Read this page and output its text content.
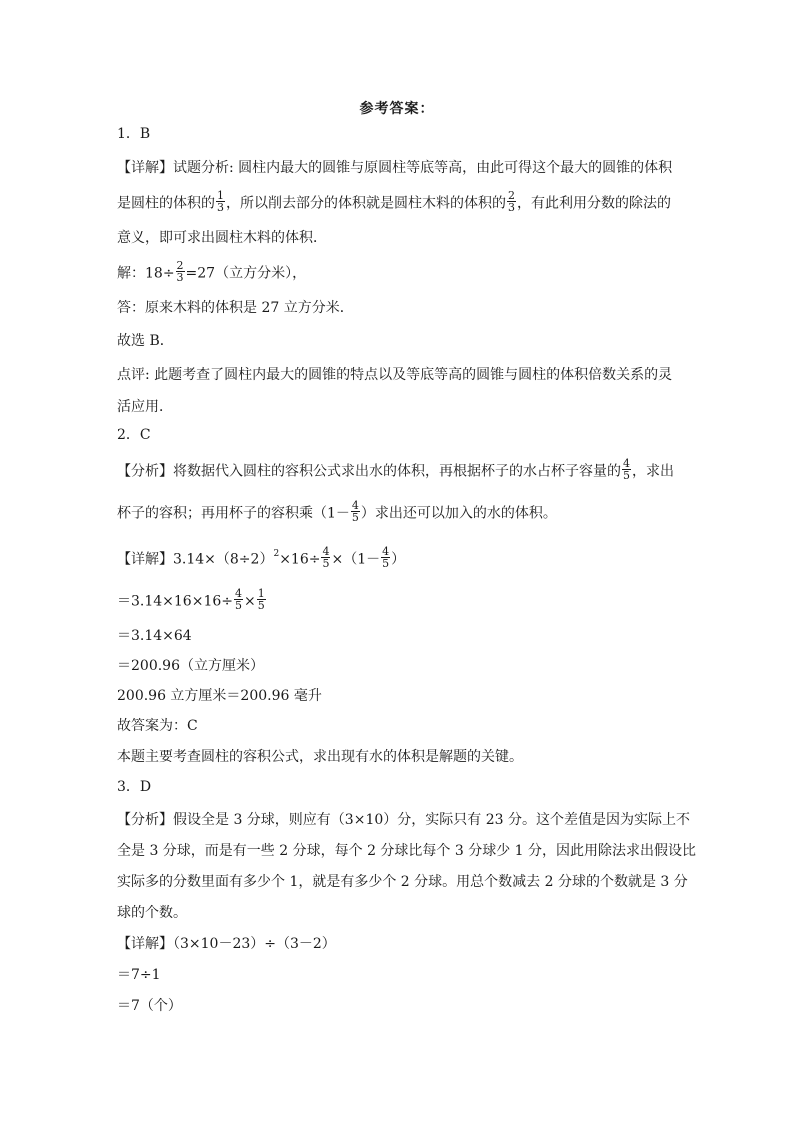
参考答案：
1．B
【详解】试题分析: 圆柱内最大的圆锥与原圆柱等底等高，由此可得这个最大的圆锥的体积
是圆柱的体积的 $\frac{1}{3}$ ，所以削去部分的体积就是圆柱木料的体积的 $\frac{2}{3}$ ，有此利用分数的除法的
意义，即可求出圆柱木料的体积．
解：$18\div \frac{2}{3} =27$（立方分米），
答：原来木料的体积是 27 立方分米．
故选 B．
点评: 此题考查了圆柱内最大的圆锥的特点以及等底等高的圆锥与圆柱的体积倍数关系的灵
活应用．
2．C
【分析】将数据代入圆柱的容积公式求出水的体积，再根据杯子的水占杯子容量的 $\frac{4}{5}$ ，求出
杯子的容积；再用杯子的容积乘（$1- \frac{4}{5}$ ）求出还可以加入的水的体积。
【详解】$3.14\times(8\div 2)^2\times 16\div \frac{4}{5} \times(1- \frac{4}{5}$ ）
$=3.14\times 16\times 16\div \frac{4}{5} \times \frac{1}{5}$
＝3.14×64
＝200.96（立方厘米）
200.96 立方厘米＝200.96 毫升
故答案为：C
本题主要考查圆柱的容积公式，求出现有水的体积是解题的关键。
3．D
【分析】假设全是 3 分球，则应有（3×10）分，实际只有 23 分。这个差值是因为实际上不
全是 3 分球，而是有一些 2 分球，每个 2 分球比每个 3 分球少 1 分，因此用除法求出假设比
实际多的分数里面有多少个 1，就是有多少个 2 分球。用总个数减去 2 分球的个数就是 3 分
球的个数。
【详解】（3×10－23）÷（3－2）
＝7÷1
＝7（个）
